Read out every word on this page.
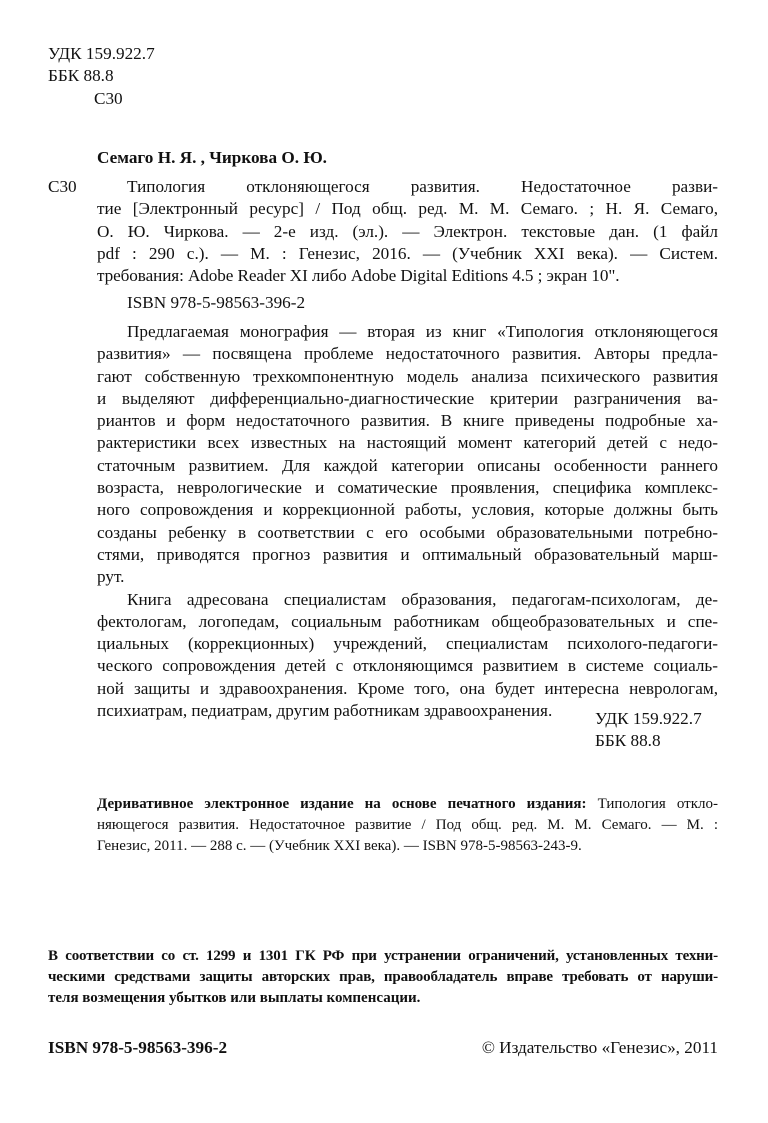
УДК 159.922.7
ББК 88.8
С30
Семаго Н. Я. , Чиркова О. Ю.
С30	Типология отклоняющегося развития. Недостаточное разви-
тие [Электронный ресурс] / Под общ. ред. М. М. Семаго. ; Н. Я. Семаго,
О. Ю. Чиркова. — 2-е изд. (эл.). — Электрон. текстовые дан. (1 файл
pdf : 290 с.). — М. : Генезис, 2016. — (Учебник XXI века). — Систем.
требования: Adobe Reader XI либо Adobe Digital Editions 4.5 ; экран 10".
ISBN 978-5-98563-396-2
Предлагаемая монография — вторая из книг «Типология отклоняющегося
развития» — посвящена проблеме недостаточного развития. Авторы предла-
гают собственную трехкомпонентную модель анализа психического развития
и выделяют дифференциально-диагностические критерии разграничения ва-
риантов и форм недостаточного развития. В книге приведены подробные ха-
рактеристики всех известных на настоящий момент категорий детей с недо-
статочным развитием. Для каждой категории описаны особенности раннего
возраста, неврологические и соматические проявления, специфика комплекс-
ного сопровождения и коррекционной работы, условия, которые должны быть
созданы ребенку в соответствии с его особыми образовательными потребно-
стями, приводятся прогноз развития и оптимальный образовательный марш-
рут.
Книга адресована специалистам образования, педагогам-психологам, де-
фектологам, логопедам, социальным работникам общеобразовательных и спе-
циальных (коррекционных) учреждений, специалистам психолого-педагоги-
ческого сопровождения детей с отклоняющимся развитием в системе социаль-
ной защиты и здравоохранения. Кроме того, она будет интересна неврологам,
психиатрам, педиатрам, другим работникам здравоохранения.	УДК 159.922.7
ББК 88.8
Деривативное электронное издание на основе печатного издания: Типология откло-
няющегося развития. Недостаточное развитие / Под общ. ред. М. М. Семаго. — М. :
Генезис, 2011. — 288 с. — (Учебник XXI века). — ISBN 978-5-98563-243-9.
В соответствии со ст. 1299 и 1301 ГК РФ при устранении ограничений, установленных техни-
ческими средствами защиты авторских прав, правообладатель вправе требовать от наруши-
теля возмещения убытков или выплаты компенсации.
ISBN 978-5-98563-396-2	© Издательство «Генезис», 2011
